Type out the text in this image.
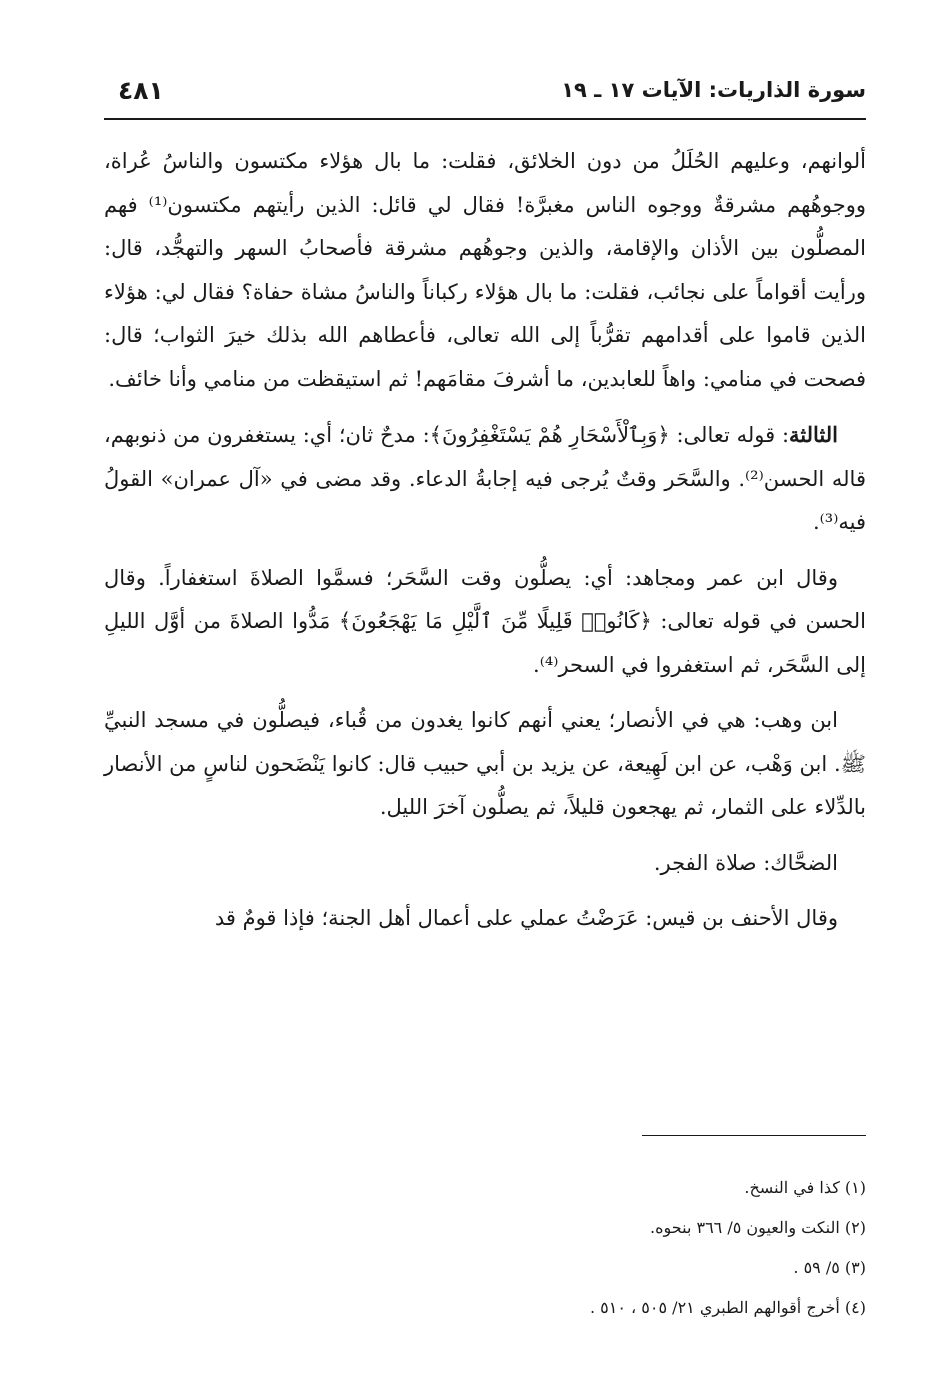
سورة الذاريات: الآيات ١٧ ـ ١٩
٤٨١

ألوانهم، وعليهم الحُلَلُ من دون الخلائق، فقلت: ما بال هؤلاء مكتسون والناسُ عُراة، ووجوهُهم مشرقةٌ ووجوه الناس مغبرَّة! فقال لي قائل: الذين رأيتهم مكتسون⁽¹⁾ فهم المصلُّون بين الأذان والإقامة، والذين وجوهُهم مشرقة فأصحابُ السهر والتهجُّد، قال: ورأيت أقواماً على نجائب، فقلت: ما بال هؤلاء ركباناً والناسُ مشاة حفاة؟ فقال لي: هؤلاء الذين قاموا على أقدامهم تقرُّباً إلى الله تعالى، فأعطاهم الله بذلك خيرَ الثواب؛ قال: فصحت في منامي: واهاً للعابدين، ما أشرفَ مقامَهم! ثم استيقظت من منامي وأنا خائف.

الثالثة: قوله تعالى: ﴿وَبِٱلْأَسْحَارِ هُمْ يَسْتَغْفِرُونَ﴾: مدحٌ ثان؛ أي: يستغفرون من ذنوبهم، قاله الحسن⁽²⁾. والسَّحَر وقتٌ يُرجى فيه إجابةُ الدعاء. وقد مضى في «آل عمران» القولُ فيه⁽³⁾.

وقال ابن عمر ومجاهد: أي: يصلُّون وقت السَّحَر؛ فسمَّوا الصلاةَ استغفاراً. وقال الحسن في قوله تعالى: ﴿كَانُوا۟ قَلِيلًا مِّنَ ٱلَّيْلِ مَا يَهْجَعُونَ﴾ مَدُّوا الصلاةَ من أوَّل الليلِ إلى السَّحَر، ثم استغفروا في السحر⁽⁴⁾.

ابن وهب: هي في الأنصار؛ يعني أنهم كانوا يغدون من قُباء، فيصلُّون في مسجد النبيِّ ﷺ. ابن وَهْب، عن ابن لَهِيعة، عن يزيد بن أبي حبيب قال: كانوا يَنْضَحون لناسٍ من الأنصار بالدِّلاء على الثمار، ثم يهجعون قليلاً، ثم يصلُّون آخرَ الليل.

الضحَّاك: صلاة الفجر.

وقال الأحنف بن قيس: عَرَضْتُ عملي على أعمال أهل الجنة؛ فإذا قومٌ قد

(١) كذا في النسخ.

(٢) النكت والعيون ٥/ ٣٦٦ بنحوه.

(٣) ٥/ ٥٩ .

(٤) أخرج أقوالهم الطبري ٢١/ ٥٠٥ ، ٥١٠ .
